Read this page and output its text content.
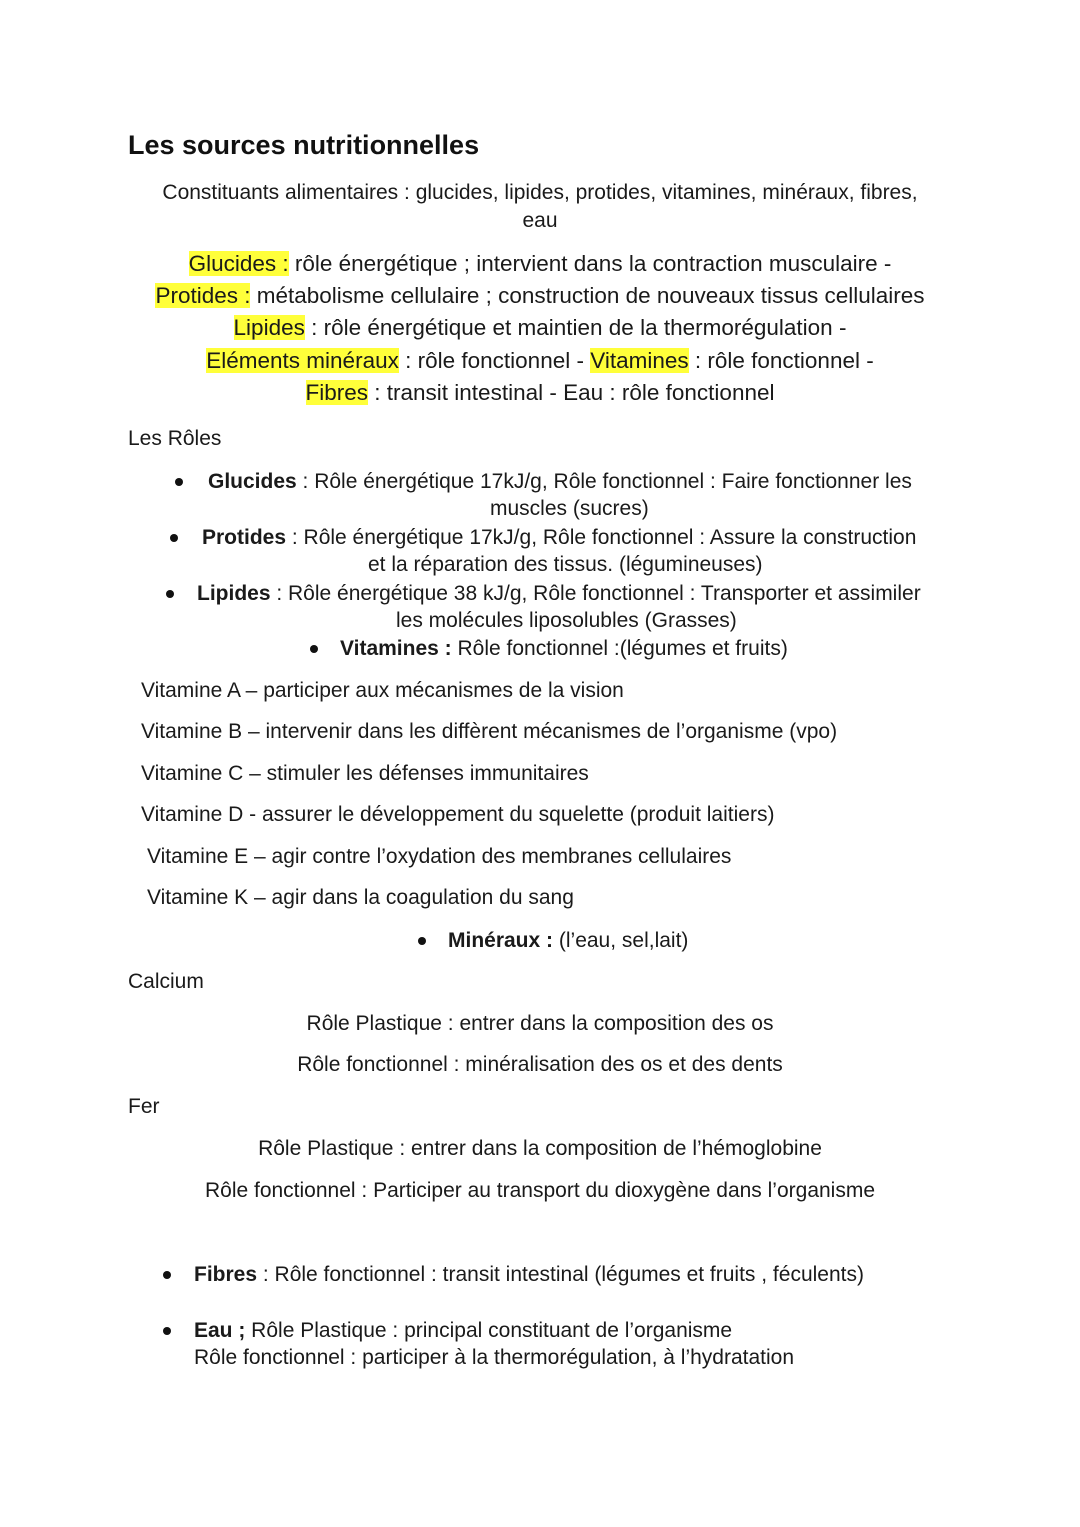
Les sources nutritionnelles
Constituants alimentaires : glucides, lipides, protides, vitamines, minéraux, fibres,
eau
Glucides : rôle énergétique ; intervient dans la contraction musculaire -
Protides : métabolisme cellulaire ; construction de nouveaux tissus cellulaires
Lipides : rôle énergétique et maintien de la thermorégulation -
Eléments minéraux : rôle fonctionnel - Vitamines : rôle fonctionnel -
Fibres : transit intestinal - Eau : rôle fonctionnel
Les Rôles
Glucides : Rôle énergétique 17kJ/g, Rôle fonctionnel : Faire fonctionner les
muscles (sucres)
Protides : Rôle énergétique 17kJ/g, Rôle fonctionnel : Assure la construction
et la réparation des tissus. (légumineuses)
Lipides : Rôle énergétique 38 kJ/g, Rôle fonctionnel : Transporter et assimiler
les molécules liposolubles (Grasses)
Vitamines : Rôle fonctionnel :(légumes et fruits)
Vitamine A – participer aux mécanismes de la vision
Vitamine B – intervenir dans les diffèrent mécanismes de l’organisme (vpo)
Vitamine C – stimuler les défenses immunitaires
Vitamine D - assurer le développement du squelette (produit laitiers)
Vitamine E – agir contre l’oxydation des membranes cellulaires
Vitamine K – agir dans la coagulation du sang
Minéraux : (l’eau, sel,lait)
Calcium
Rôle Plastique : entrer dans la composition des os
Rôle fonctionnel : minéralisation des os et des dents
Fer
Rôle Plastique : entrer dans la composition de l’hémoglobine
Rôle fonctionnel : Participer au transport du dioxygène dans l’organisme
Fibres : Rôle fonctionnel : transit intestinal (légumes et fruits , féculents)
Eau ; Rôle Plastique : principal constituant de l’organisme
Rôle fonctionnel : participer à la thermorégulation, à l’hydratation
